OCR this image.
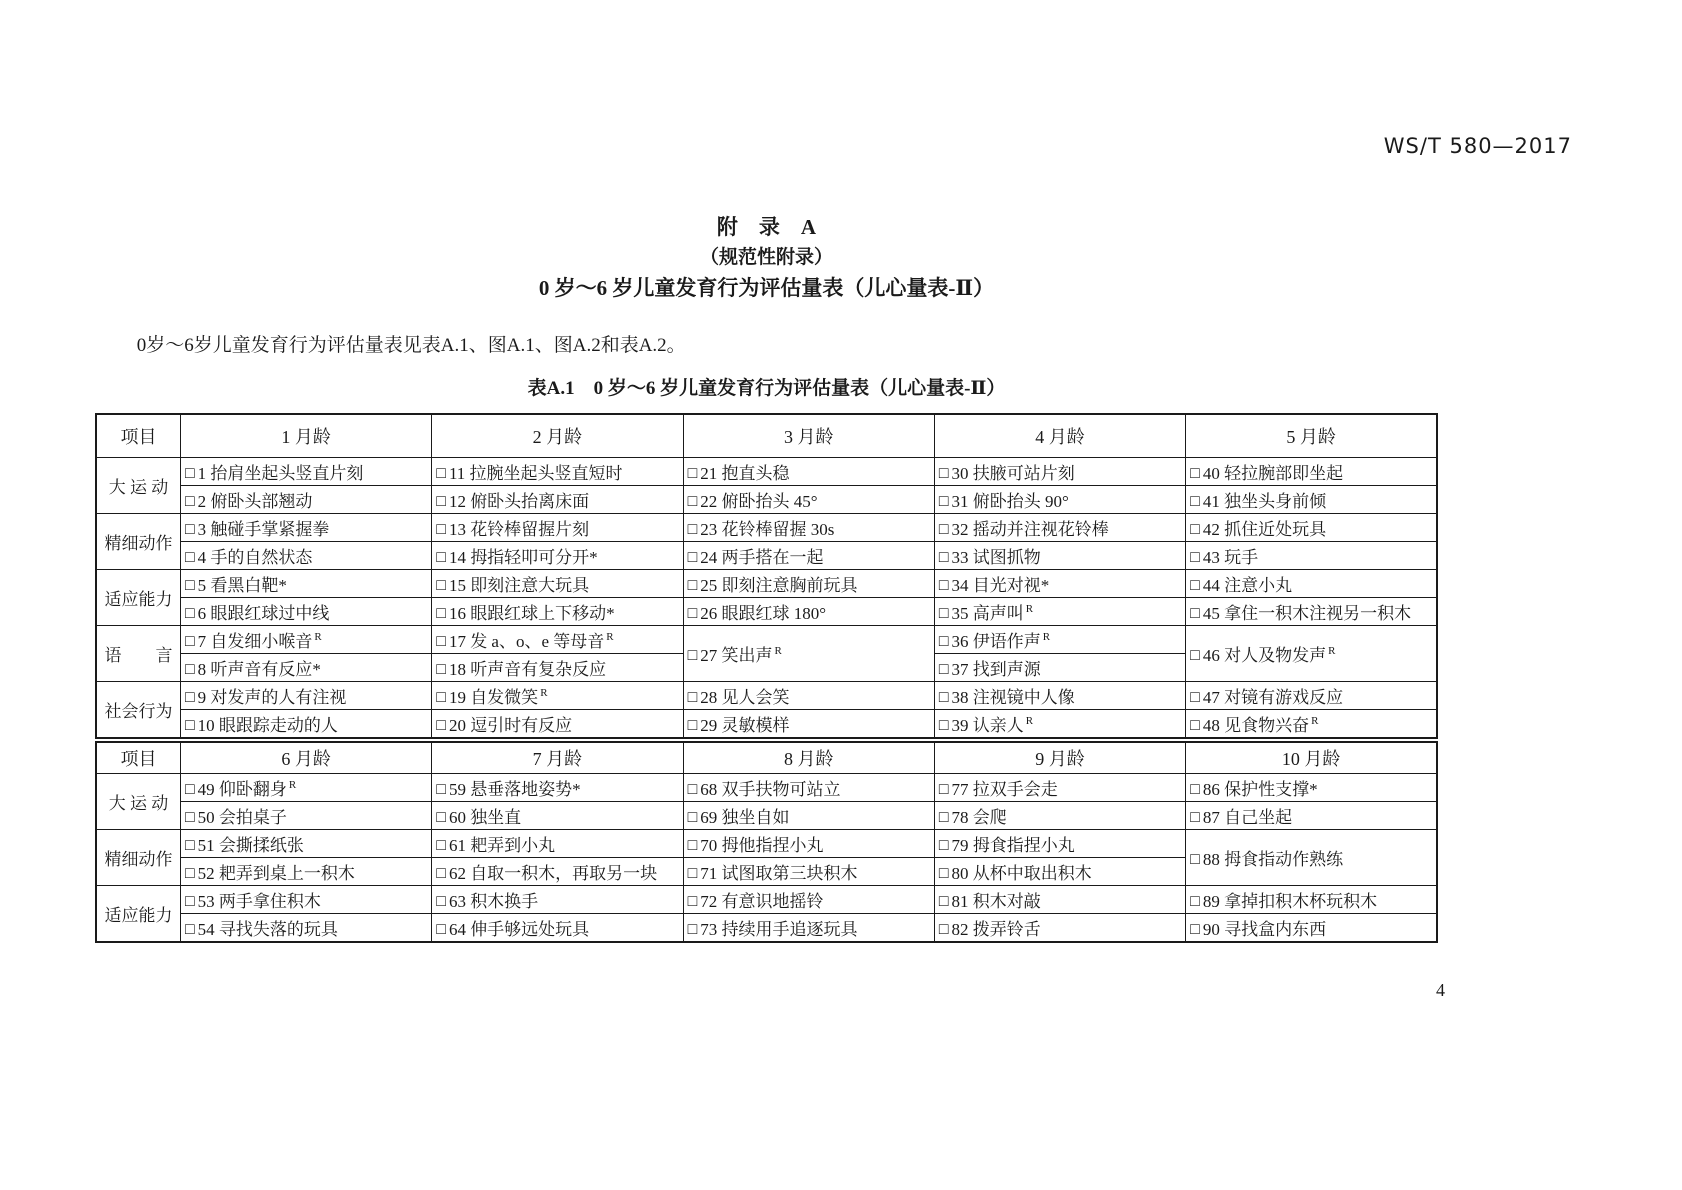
WS/T 580—2017
附　录　A
（规范性附录）
0 岁～6 岁儿童发育行为评估量表（儿心量表-Ⅱ）

0岁～6岁儿童发育行为评估量表见表A.1、图A.1、图A.2和表A.2。

表A.1　0 岁～6 岁儿童发育行为评估量表（儿心量表-Ⅱ）
项目	1 月龄	2 月龄	3 月龄	4 月龄	5 月龄
大 运 动	□ 1 抬肩坐起头竖直片刻	□ 11 拉腕坐起头竖直短时	□ 21 抱直头稳	□ 30 扶腋可站片刻	□ 40 轻拉腕部即坐起
	□ 2 俯卧头部翘动	□ 12 俯卧头抬离床面	□ 22 俯卧抬头 45°	□ 31 俯卧抬头 90°	□ 41 独坐头身前倾
精细动作	□ 3 触碰手掌紧握拳	□ 13 花铃棒留握片刻	□ 23 花铃棒留握 30s	□ 32 摇动并注视花铃棒	□ 42 抓住近处玩具
	□ 4 手的自然状态	□ 14 拇指轻叩可分开*	□ 24 两手搭在一起	□ 33 试图抓物	□ 43 玩手
适应能力	□ 5 看黑白靶*	□ 15 即刻注意大玩具	□ 25 即刻注意胸前玩具	□ 34 目光对视*	□ 44 注意小丸
	□ 6 眼跟红球过中线	□ 16 眼跟红球上下移动*	□ 26 眼跟红球 180°	□ 35 高声叫 $^R$	□ 45 拿住一积木注视另一积木
语　　言	□ 7 自发细小喉音 $^R$	□ 17 发 a、o、e 等母音 $^R$	□ 27 笑出声 $^R$	□ 36 伊语作声 $^R$	□ 46 对人及物发声 $^R$
	□ 8 听声音有反应*	□ 18 听声音有复杂反应		□ 37 找到声源	
社会行为	□ 9 对发声的人有注视	□ 19 自发微笑 $^R$	□ 28 见人会笑	□ 38 注视镜中人像	□ 47 对镜有游戏反应
	□ 10 眼跟踪走动的人	□ 20 逗引时有反应	□ 29 灵敏模样	□ 39 认亲人 $^R$	□ 48 见食物兴奋 $^R$
项目	6 月龄	7 月龄	8 月龄	9 月龄	10 月龄
大 运 动	□ 49 仰卧翻身 $^R$	□ 59 悬垂落地姿势*	□ 68 双手扶物可站立	□ 77 拉双手会走	□ 86 保护性支撑*
	□ 50 会拍桌子	□ 60 独坐直	□ 69 独坐自如	□ 78 会爬	□ 87 自己坐起
精细动作	□ 51 会撕揉纸张	□ 61 耙弄到小丸	□ 70 拇他指捏小丸	□ 79 拇食指捏小丸	□ 88 拇食指动作熟练
	□ 52 耙弄到桌上一积木	□ 62 自取一积木，再取另一块	□ 71 试图取第三块积木	□ 80 从杯中取出积木	
适应能力	□ 53 两手拿住积木	□ 63 积木换手	□ 72 有意识地摇铃	□ 81 积木对敲	□ 89 拿掉扣积木杯玩积木
	□ 54 寻找失落的玩具	□ 64 伸手够远处玩具	□ 73 持续用手追逐玩具	□ 82 拨弄铃舌	□ 90 寻找盒内东西
4
